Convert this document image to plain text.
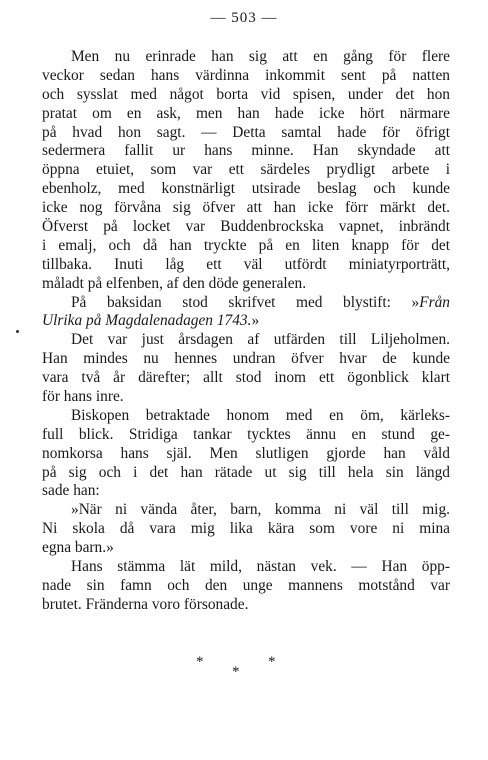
— 503 —
Men nu erinrade han sig att en gång för flere
veckor sedan hans värdinna inkommit sent på natten
och sysslat med något borta vid spisen, under det hon
pratat om en ask, men han hade icke hört närmare
på hvad hon sagt. — Detta samtal hade för öfrigt
sedermera fallit ur hans minne. Han skyndade att
öppna etuiet, som var ett särdeles prydligt arbete i
ebenholz, med konstnärligt utsirade beslag och kunde
icke nog förvåna sig öfver att han icke förr märkt det.
Öfverst på locket var Buddenbrockska vapnet, inbrändt
i emalj, och då han tryckte på en liten knapp för det
tillbaka. Inuti låg ett väl utfördt miniatyrporträtt,
måladt på elfenben, af den döde generalen.
På baksidan stod skrifvet med blystift: »Från
Ulrika på Magdalenadagen 1743.»
Det var just årsdagen af utfärden till Liljeholmen.
Han mindes nu hennes undran öfver hvar de kunde
vara två år därefter; allt stod inom ett ögonblick klart
för hans inre.
Biskopen betraktade honom med en öm, kärleks-
full blick. Stridiga tankar tycktes ännu en stund ge-
nomkorsa hans själ. Men slutligen gjorde han våld
på sig och i det han rätade ut sig till hela sin längd
sade han:
»När ni vända åter, barn, komma ni väl till mig.
Ni skola då vara mig lika kära som vore ni mina
egna barn.»
Hans stämma lät mild, nästan vek. — Han öpp-
nade sin famn och den unge mannens motstånd var
brutet. Fränderna voro försonade.
*	*
*
